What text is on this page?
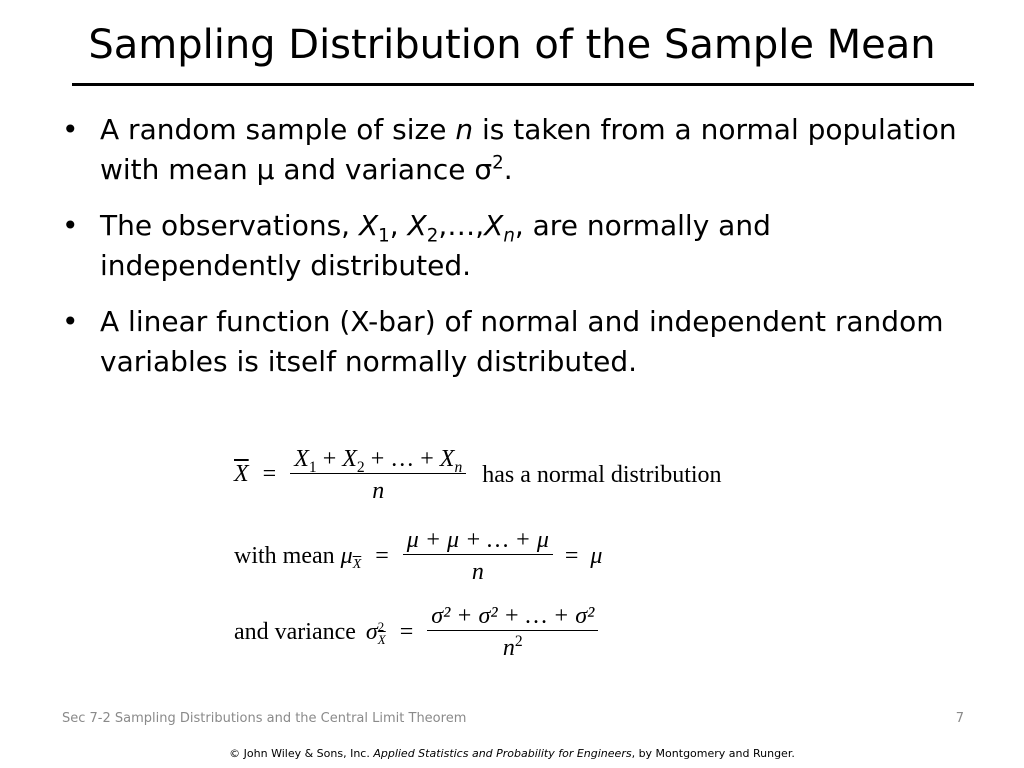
Sampling Distribution of the Sample Mean
• A random sample of size n is taken from a normal population with mean μ and variance $\sigma^2$.
• The observations, $X_1$, $X_2,\dots,X_n$, are normally and independently distributed.
• A linear function (X-bar) of normal and independent random variables is itself normally distributed.
$\overline{X} = \frac{X_1 + X_2 + \dots + X_n}{n}$ has a normal distribution
with mean $\mu_{\overline{X}} = \frac{\mu + \mu + \dots + \mu}{n} = \mu$
and variance σ $\frac{2}{X} = \frac{\text{σ² + σ² + … + σ²}}{n^2}$
Sec 7-2 Sampling Distributions and the Central Limit Theorem	7
© John Wiley & Sons, Inc. Applied Statistics and Probability for Engineers, by Montgomery and Runger.
